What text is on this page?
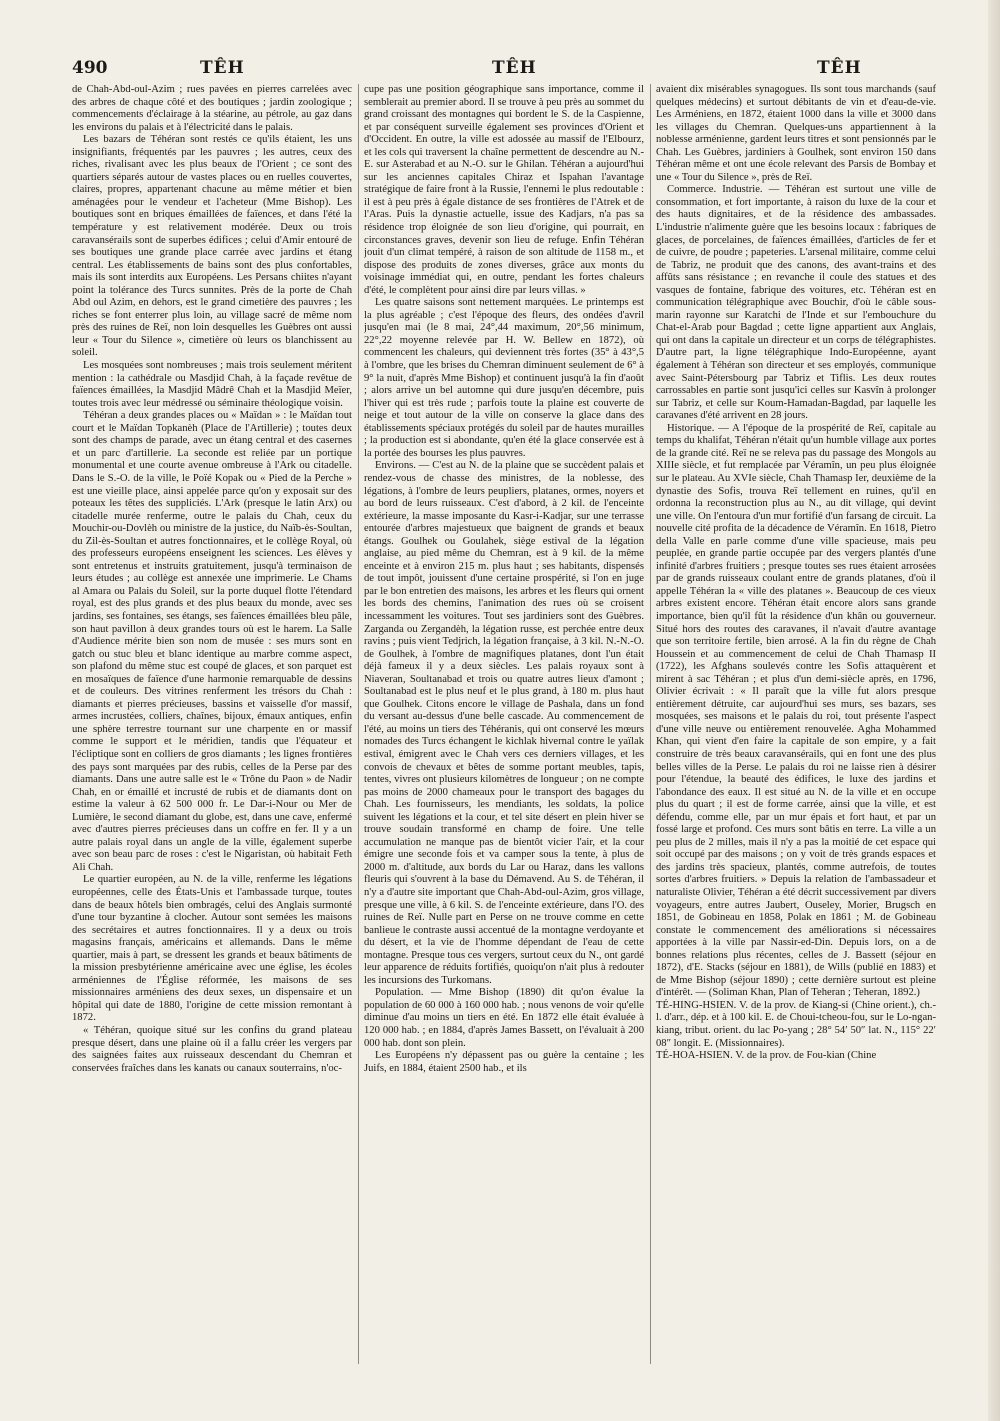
490	TÊH	TÊH	TÊH

de Chah-Abd-oul-Azim ; rues pavées en pierres carrelées avec des arbres de chaque côté et des boutiques ; jardin zoologique ; commencements d'éclairage à la stéarine, au pétrole, au gaz dans les environs du palais et à l'électricité dans le palais.

Les bazars de Téhéran sont restés ce qu'ils étaient, les uns insignifiants, fréquentés par les pauvres ; les autres, ceux des riches, rivalisant avec les plus beaux de l'Orient ; ce sont des quartiers séparés autour de vastes places ou en ruelles couvertes, claires, propres, appartenant chacune au même métier et bien aménagées pour le vendeur et l'acheteur (Mme Bishop). Les boutiques sont en briques émaillées de faïences, et dans l'été la température y est relativement modérée. Deux ou trois caravansérails sont de superbes édifices ; celui d'Amir entouré de ses boutiques une grande place carrée avec jardins et étang central. Les établissements de bains sont des plus confortables, mais ils sont interdits aux Européens. Les Persans chiites n'ayant point la tolérance des Turcs sunnites. Près de la porte de Chah Abd oul Azim, en dehors, est le grand cimetière des pauvres ; les riches se font enterrer plus loin, au village sacré de même nom près des ruines de Reï, non loin desquelles les Guèbres ont aussi leur « Tour du Silence », cimetière où leurs os blanchissent au soleil.

Les mosquées sont nombreuses ; mais trois seulement méritent mention : la cathédrale ou Masdjid Chah, à la façade revêtue de faïences émaillées, la Masdjid Mâdrê Chah et la Masdjid Meïer, toutes trois avec leur médressé ou séminaire théologique voisin.

Téhéran a deux grandes places ou « Maïdan » : le Maïdan tout court et le Maïdan Topkanèh (Place de l'Artillerie) ; toutes deux sont des champs de parade, avec un étang central et des casernes et un parc d'artillerie. La seconde est reliée par un portique monumental et une courte avenue ombreuse à l'Ark ou citadelle. Dans le S.-O. de la ville, le Poïé Kopak ou « Pied de la Perche » est une vieille place, ainsi appelée parce qu'on y exposait sur des poteaux les têtes des suppliciés. L'Ark (presque le latin Arx) ou citadelle murée renferme, outre le palais du Chah, ceux du Mouchir-ou-Dovlèh ou ministre de la justice, du Naïb-ès-Soultan, du Zil-ès-Soultan et autres fonctionnaires, et le collège Royal, où des professeurs européens enseignent les sciences. Les élèves y sont entretenus et instruits gratuitement, jusqu'à terminaison de leurs études ; au collège est annexée une imprimerie. Le Chams al Amara ou Palais du Soleil, sur la porte duquel flotte l'étendard royal, est des plus grands et des plus beaux du monde, avec ses jardins, ses fontaines, ses étangs, ses faïences émaillées bleu pâle, son haut pavillon à deux grandes tours où est le harem. La Salle d'Audience mérite bien son nom de musée : ses murs sont en gatch ou stuc bleu et blanc identique au marbre comme aspect, son plafond du même stuc est coupé de glaces, et son parquet est en mosaïques de faïence d'une harmonie remarquable de dessins et de couleurs. Des vitrines renferment les trésors du Chah : diamants et pierres précieuses, bassins et vaisselle d'or massif, armes incrustées, colliers, chaînes, bijoux, émaux antiques, enfin une sphère terrestre tournant sur une charpente en or massif comme le support et le méridien, tandis que l'équateur et l'écliptique sont en colliers de gros diamants ; les lignes frontières des pays sont marquées par des rubis, celles de la Perse par des diamants. Dans une autre salle est le « Trône du Paon » de Nadir Chah, en or émaillé et incrusté de rubis et de diamants dont on estime la valeur à 62 500 000 fr. Le Dar-i-Nour ou Mer de Lumière, le second diamant du globe, est, dans une cave, enfermé avec d'autres pierres précieuses dans un coffre en fer. Il y a un autre palais royal dans un angle de la ville, également superbe avec son beau parc de roses : c'est le Nigaristan, où habitait Feth Ali Chah.

Le quartier européen, au N. de la ville, renferme les légations européennes, celle des États-Unis et l'ambassade turque, toutes dans de beaux hôtels bien ombragés, celui des Anglais surmonté d'une tour byzantine à clocher. Autour sont semées les maisons des secrétaires et autres fonctionnaires. Il y a deux ou trois magasins français, américains et allemands. Dans le même quartier, mais à part, se dressent les grands et beaux bâtiments de la mission presbytérienne américaine avec une église, les écoles arméniennes de l'Église réformée, les maisons de ses missionnaires arméniens des deux sexes, un dispensaire et un hôpital qui date de 1880, l'origine de cette mission remontant à 1872.

« Téhéran, quoique situé sur les confins du grand plateau presque désert, dans une plaine où il a fallu créer les vergers par des saignées faites aux ruisseaux descendant du Chemran et conservées fraîches dans les kanats ou canaux souterrains, n'oc-

cupe pas une position géographique sans importance, comme il semblerait au premier abord. Il se trouve à peu près au sommet du grand croissant des montagnes qui bordent le S. de la Caspienne, et par conséquent surveille également ses provinces d'Orient et d'Occident. En outre, la ville est adossée au massif de l'Elbourz, et les cols qui traversent la chaîne permettent de descendre au N.-E. sur Asterabad et au N.-O. sur le Ghilan. Téhéran a aujourd'hui sur les anciennes capitales Chiraz et Ispahan l'avantage stratégique de faire front à la Russie, l'ennemi le plus redoutable : il est à peu près à égale distance de ses frontières de l'Atrek et de l'Aras. Puis la dynastie actuelle, issue des Kadjars, n'a pas sa résidence trop éloignée de son lieu d'origine, qui pourrait, en circonstances graves, devenir son lieu de refuge. Enfin Téhéran jouit d'un climat tempéré, à raison de son altitude de 1158 m., et dispose des produits de zones diverses, grâce aux monts du voisinage immédiat qui, en outre, pendant les fortes chaleurs d'été, le complètent pour ainsi dire par leurs villas. »

Les quatre saisons sont nettement marquées. Le printemps est la plus agréable ; c'est l'époque des fleurs, des ondées d'avril jusqu'en mai (le 8 mai, 24°,44 maximum, 20°,56 minimum, 22°,22 moyenne relevée par H. W. Bellew en 1872), où commencent les chaleurs, qui deviennent très fortes (35° à 43°,5 à l'ombre, que les brises du Chemran diminuent seulement de 6° à 9° la nuit, d'après Mme Bishop) et continuent jusqu'à la fin d'août ; alors arrive un bel automne qui dure jusqu'en décembre, puis l'hiver qui est très rude ; parfois toute la plaine est couverte de neige et tout autour de la ville on conserve la glace dans des établissements spéciaux protégés du soleil par de hautes murailles ; la production est si abondante, qu'en été la glace conservée est à la portée des bourses les plus pauvres.

Environs. — C'est au N. de la plaine que se succèdent palais et rendez-vous de chasse des ministres, de la noblesse, des légations, à l'ombre de leurs peupliers, platanes, ormes, noyers et au bord de leurs ruisseaux. C'est d'abord, à 2 kil. de l'enceinte extérieure, la masse imposante du Kasr-i-Kadjar, sur une terrasse entourée d'arbres majestueux que baignent de grands et beaux étangs. Goulhek ou Goulahek, siège estival de la légation anglaise, au pied même du Chemran, est à 9 kil. de la même enceinte et à environ 215 m. plus haut ; ses habitants, dispensés de tout impôt, jouissent d'une certaine prospérité, si l'on en juge par le bon entretien des maisons, les arbres et les fleurs qui ornent les bords des chemins, l'animation des rues où se croisent incessamment les voitures. Tout ses jardiniers sont des Guèbres. Zarganda ou Zergandèh, la légation russe, est perchée entre deux ravins ; puis vient Tedjrich, la légation française, à 3 kil. N.-N.-O. de Goulhek, à l'ombre de magnifiques platanes, dont l'un était déjà fameux il y a deux siècles. Les palais royaux sont à Niaveran, Soultanabad et trois ou quatre autres lieux d'amont ; Soultanabad est le plus neuf et le plus grand, à 180 m. plus haut que Goulhek. Citons encore le village de Pashala, dans un fond du versant au-dessus d'une belle cascade. Au commencement de l'été, au moins un tiers des Téhéranis, qui ont conservé les mœurs nomades des Turcs échangent le kichlak hivernal contre le yaïlak estival, émigrent avec le Chah vers ces derniers villages, et les convois de chevaux et bêtes de somme portant meubles, tapis, tentes, vivres ont plusieurs kilomètres de longueur ; on ne compte pas moins de 2000 chameaux pour le transport des bagages du Chah. Les fournisseurs, les mendiants, les soldats, la police suivent les légations et la cour, et tel site désert en plein hiver se trouve soudain transformé en champ de foire. Une telle accumulation ne manque pas de bientôt vicier l'air, et la cour émigre une seconde fois et va camper sous la tente, à plus de 2000 m. d'altitude, aux bords du Lar ou Haraz, dans les vallons fleuris qui s'ouvrent à la base du Démavend. Au S. de Téhéran, il n'y a d'autre site important que Chah-Abd-oul-Azim, gros village, presque une ville, à 6 kil. S. de l'enceinte extérieure, dans l'O. des ruines de Reï. Nulle part en Perse on ne trouve comme en cette banlieue le contraste aussi accentué de la montagne verdoyante et du désert, et la vie de l'homme dépendant de l'eau de cette montagne. Presque tous ces vergers, surtout ceux du N., ont gardé leur apparence de réduits fortifiés, quoiqu'on n'ait plus à redouter les incursions des Turkomans.

Population. — Mme Bishop (1890) dit qu'on évalue la population de 60 000 à 160 000 hab. ; nous venons de voir qu'elle diminue d'au moins un tiers en été. En 1872 elle était évaluée à 120 000 hab. ; en 1884, d'après James Bassett, on l'évaluait à 200 000 hab. dont son plein.

Les Européens n'y dépassent pas ou guère la centaine ; les Juifs, en 1884, étaient 2500 hab., et ils

avaient dix misérables synagogues. Ils sont tous marchands (sauf quelques médecins) et surtout débitants de vin et d'eau-de-vie. Les Arméniens, en 1872, étaient 1000 dans la ville et 3000 dans les villages du Chemran. Quelques-uns appartiennent à la noblesse arménienne, gardent leurs titres et sont pensionnés par le Chah. Les Guèbres, jardiniers à Goulhek, sont environ 150 dans Téhéran même et ont une école relevant des Parsis de Bombay et une « Tour du Silence », près de Reï.

Commerce. Industrie. — Téhéran est surtout une ville de consommation, et fort importante, à raison du luxe de la cour et des hauts dignitaires, et de la résidence des ambassades. L'industrie n'alimente guère que les besoins locaux : fabriques de glaces, de porcelaines, de faïences émaillées, d'articles de fer et de cuivre, de poudre ; papeteries. L'arsenal militaire, comme celui de Tabriz, ne produit que des canons, des avant-trains et des affûts sans résistance ; en revanche il coule des statues et des vasques de fontaine, fabrique des voitures, etc. Téhéran est en communication télégraphique avec Bouchir, d'où le câble sous-marin rayonne sur Karatchi de l'Inde et sur l'embouchure du Chat-el-Arab pour Bagdad ; cette ligne appartient aux Anglais, qui ont dans la capitale un directeur et un corps de télégraphistes. D'autre part, la ligne télégraphique Indo-Européenne, ayant également à Téhéran son directeur et ses employés, communique avec Saint-Pétersbourg par Tabriz et Tiflis. Les deux routes carrossables en partie sont jusqu'ici celles sur Kasvîn à prolonger sur Tabriz, et celle sur Koum-Hamadan-Bagdad, par laquelle les caravanes d'été arrivent en 28 jours.

Historique. — A l'époque de la prospérité de Reï, capitale au temps du khalifat, Téhéran n'était qu'un humble village aux portes de la grande cité. Reï ne se releva pas du passage des Mongols au XIIIe siècle, et fut remplacée par Véramîn, un peu plus éloignée sur le plateau. Au XVIe siècle, Chah Thamasp Ier, deuxième de la dynastie des Sofis, trouva Reï tellement en ruines, qu'il en ordonna la reconstruction plus au N., au dit village, qui devint une ville. On l'entoura d'un mur fortifié d'un farsang de circuit. La nouvelle cité profita de la décadence de Véramîn. En 1618, Pietro della Valle en parle comme d'une ville spacieuse, mais peu peuplée, en grande partie occupée par des vergers plantés d'une infinité d'arbres fruitiers ; presque toutes ses rues étaient arrosées par de grands ruisseaux coulant entre de grands platanes, d'où il appelle Téhéran la « ville des platanes ». Beaucoup de ces vieux arbres existent encore. Téhéran était encore alors sans grande importance, bien qu'il fût la résidence d'un khân ou gouverneur. Situé hors des routes des caravanes, il n'avait d'autre avantage que son territoire fertile, bien arrosé. A la fin du règne de Chah Houssein et au commencement de celui de Chah Thamasp II (1722), les Afghans soulevés contre les Sofis attaquèrent et mirent à sac Téhéran ; et plus d'un demi-siècle après, en 1796, Olivier écrivait : « Il paraît que la ville fut alors presque entièrement détruite, car aujourd'hui ses murs, ses bazars, ses mosquées, ses maisons et le palais du roi, tout présente l'aspect d'une ville neuve ou entièrement renouvelée. Agha Mohammed Khan, qui vient d'en faire la capitale de son empire, y a fait construire de très beaux caravansérails, qui en font une des plus belles villes de la Perse. Le palais du roi ne laisse rien à désirer pour l'étendue, la beauté des édifices, le luxe des jardins et l'abondance des eaux. Il est situé au N. de la ville et en occupe plus du quart ; il est de forme carrée, ainsi que la ville, et est défendu, comme elle, par un mur épais et fort haut, et par un fossé large et profond. Ces murs sont bâtis en terre. La ville a un peu plus de 2 milles, mais il n'y a pas la moitié de cet espace qui soit occupé par des maisons ; on y voit de très grands espaces et des jardins très spacieux, plantés, comme autrefois, de toutes sortes d'arbres fruitiers. » Depuis la relation de l'ambassadeur et naturaliste Olivier, Téhéran a été décrit successivement par divers voyageurs, entre autres Jaubert, Ouseley, Morier, Brugsch en 1851, de Gobineau en 1858, Polak en 1861 ; M. de Gobineau constate le commencement des améliorations si nécessaires apportées à la ville par Nassir-ed-Din. Depuis lors, on a de bonnes relations plus récentes, celles de J. Bassett (séjour en 1872), d'E. Stacks (séjour en 1881), de Wills (publié en 1883) et de Mme Bishop (séjour 1890) ; cette dernière surtout est pleine d'intérêt. — (Soliman Khan, Plan of Teheran ; Teheran, 1892.)

TÉ-HING-HSIEN. V. de la prov. de Kiang-si (Chine orient.), ch.-l. d'arr., dép. et à 100 kil. E. de Choui-tcheou-fou, sur le Lo-ngan-kiang, tribut. orient. du lac Po-yang ; 28° 54′ 50″ lat. N., 115° 22′ 08″ longit. E. (Missionnaires).

TÉ-HOA-HSIEN. V. de la prov. de Fou-kian (Chine
